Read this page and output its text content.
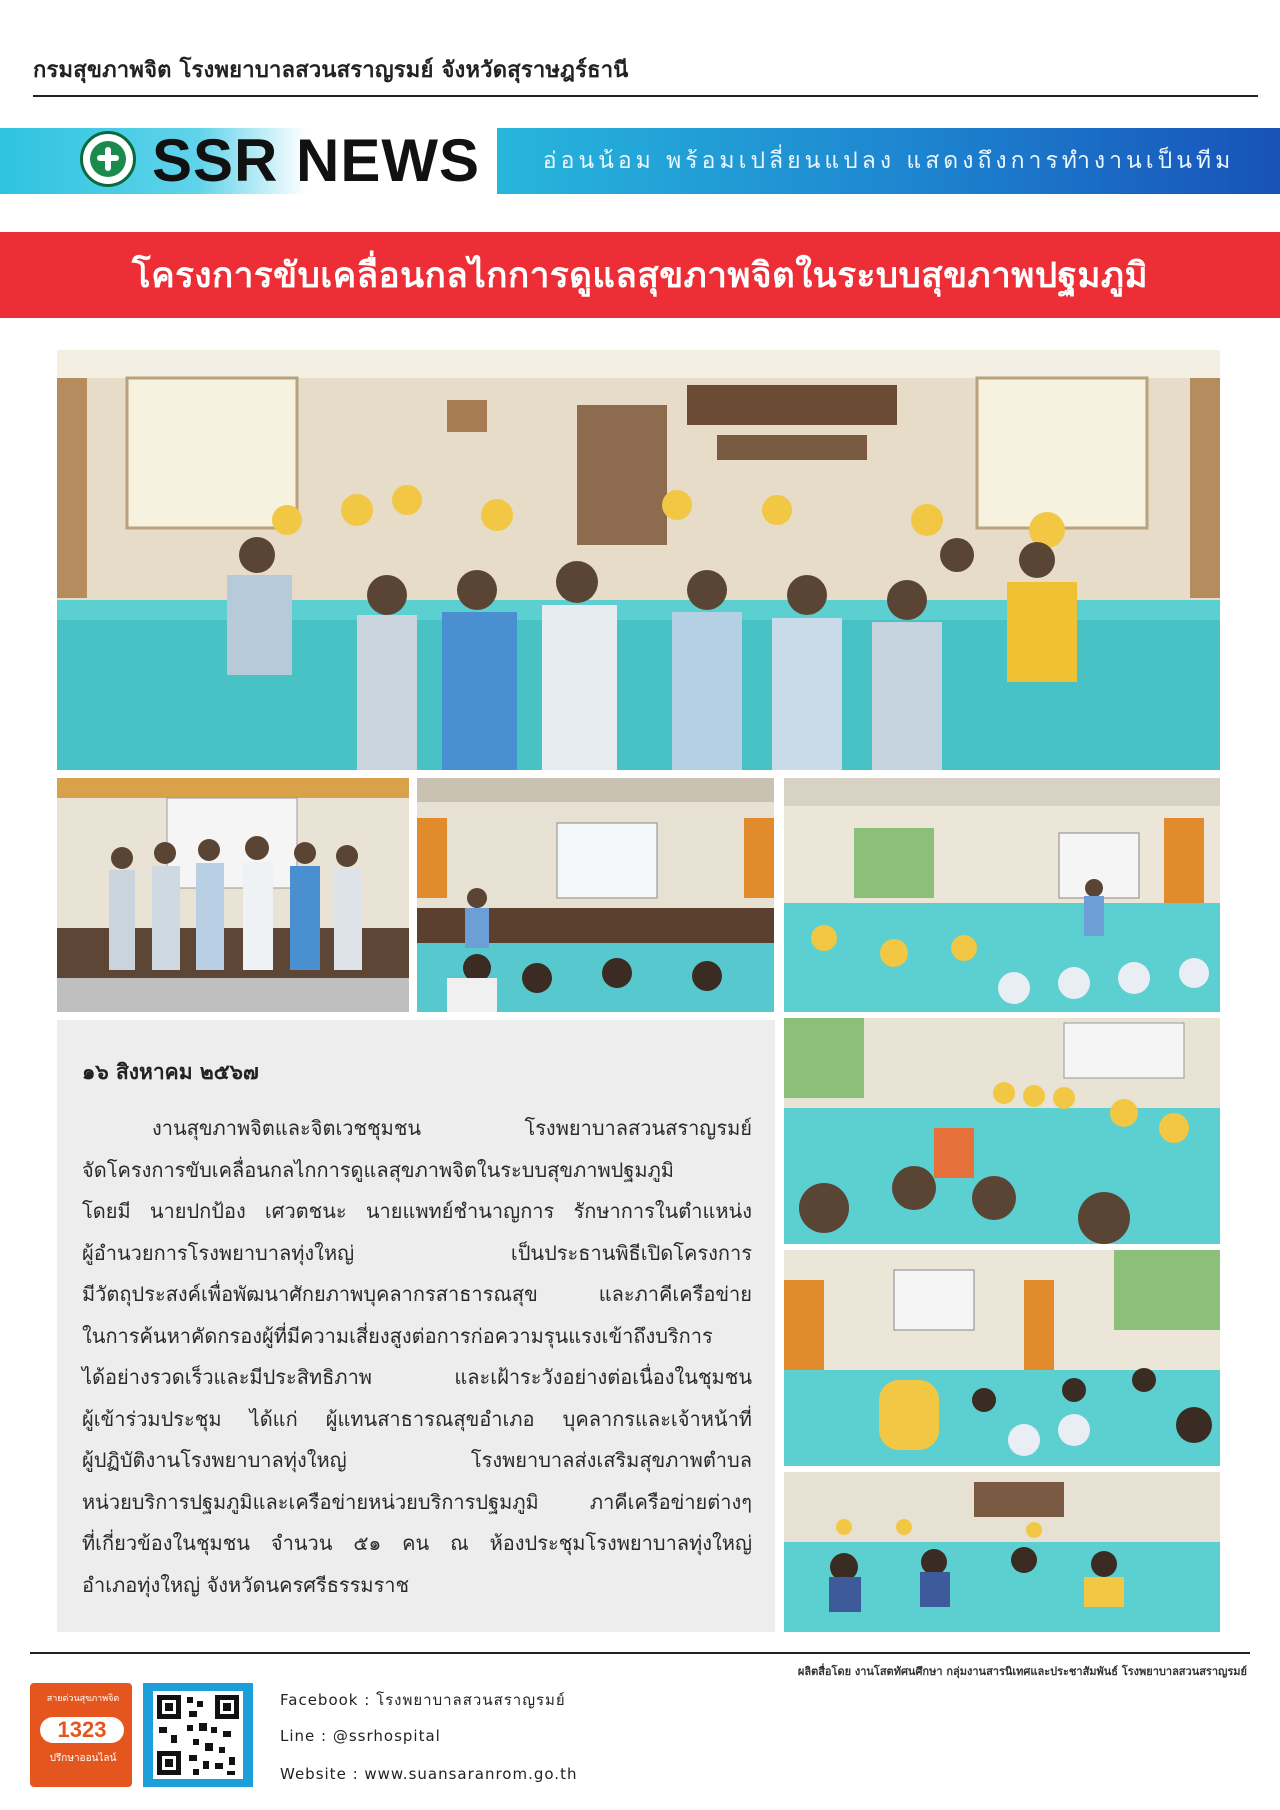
กรมสุขภาพจิต โรงพยาบาลสวนสราญรมย์ จังหวัดสุราษฎร์ธานี
SSR NEWS	อ่อนน้อม พร้อมเปลี่ยนแปลง แสดงถึงการทำงานเป็นทีม
โครงการขับเคลื่อนกลไกการดูแลสุขภาพจิตในระบบสุขภาพปฐมภูมิ
๑๖ สิงหาคม ๒๕๖๗
งานสุขภาพจิตและจิตเวชชุมชน โรงพยาบาลสวนสราญรมย์
จัดโครงการขับเคลื่อนกลไกการดูแลสุขภาพจิตในระบบสุขภาพปฐมภูมิ
โดยมี นายปกป้อง เศวตชนะ นายแพทย์ชำนาญการ รักษาการในตำแหน่ง
ผู้อำนวยการโรงพยาบาลทุ่งใหญ่ เป็นประธานพิธีเปิดโครงการ
มีวัตถุประสงค์เพื่อพัฒนาศักยภาพบุคลากรสาธารณสุข และภาคีเครือข่าย
ในการค้นหาคัดกรองผู้ที่มีความเสี่ยงสูงต่อการก่อความรุนแรงเข้าถึงบริการ
ได้อย่างรวดเร็วและมีประสิทธิภาพ และเฝ้าระวังอย่างต่อเนื่องในชุมชน
ผู้เข้าร่วมประชุม ได้แก่ ผู้แทนสาธารณสุขอำเภอ บุคลากรและเจ้าหน้าที่
ผู้ปฏิบัติงานโรงพยาบาลทุ่งใหญ่ โรงพยาบาลส่งเสริมสุขภาพตำบล
หน่วยบริการปฐมภูมิและเครือข่ายหน่วยบริการปฐมภูมิ ภาคีเครือข่ายต่างๆ
ที่เกี่ยวข้องในชุมชน จำนวน ๕๑ คน ณ ห้องประชุมโรงพยาบาลทุ่งใหญ่
อำเภอทุ่งใหญ่ จังหวัดนครศรีธรรมราช
ผลิตสื่อโดย งานโสตทัศนศึกษา กลุ่มงานสารนิเทศและประชาสัมพันธ์ โรงพยาบาลสวนสราญรมย์
สายด่วนสุขภาพจิต
1323
ปรึกษาออนไลน์
Facebook : โรงพยาบาลสวนสราญรมย์
Line : @ssrhospital
Website : www.suansaranrom.go.th
